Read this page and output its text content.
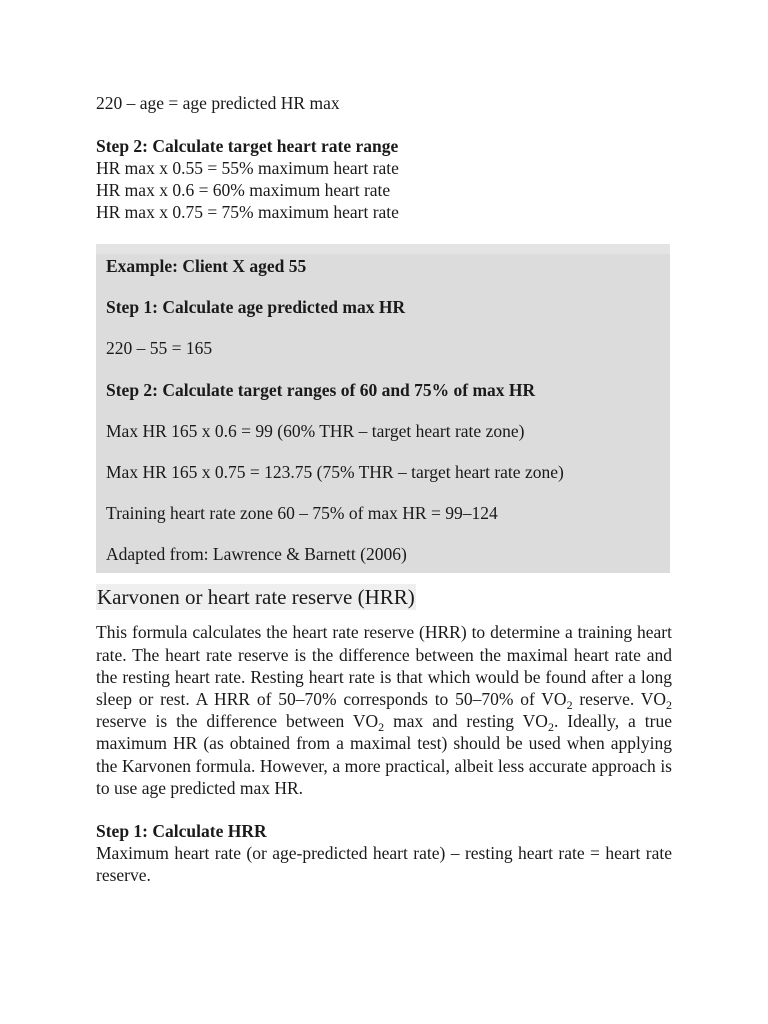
220 – age = age predicted HR max

Step 2: Calculate target heart rate range

HR max x 0.55 = 55% maximum heart rate

HR max x 0.6 = 60% maximum heart rate

HR max x 0.75 = 75% maximum heart rate

Example: Client X aged 55

Step 1: Calculate age predicted max HR

220 – 55 = 165

Step 2: Calculate target ranges of 60 and 75% of max HR

Max HR 165 x 0.6 = 99 (60% THR – target heart rate zone)

Max HR 165 x 0.75 = 123.75 (75% THR – target heart rate zone)

Training heart rate zone 60 – 75% of max HR = 99–124

Adapted from: Lawrence & Barnett (2006)

Karvonen or heart rate reserve (HRR)

This formula calculates the heart rate reserve (HRR) to determine a training heart rate. The heart rate reserve is the difference between the maximal heart rate and the resting heart rate. Resting heart rate is that which would be found after a long sleep or rest. A HRR of 50–70% corresponds to 50–70% of $VO_2$ reserve. $VO_2$ reserve is the difference between $VO_2$ max and resting $VO_2$. Ideally, a true maximum HR (as obtained from a maximal test) should be used when applying the Karvonen formula. However, a more practical, albeit less accurate approach is to use age predicted max HR.

Step 1: Calculate HRR

Maximum heart rate (or age-predicted heart rate) – resting heart rate = heart rate reserve.
